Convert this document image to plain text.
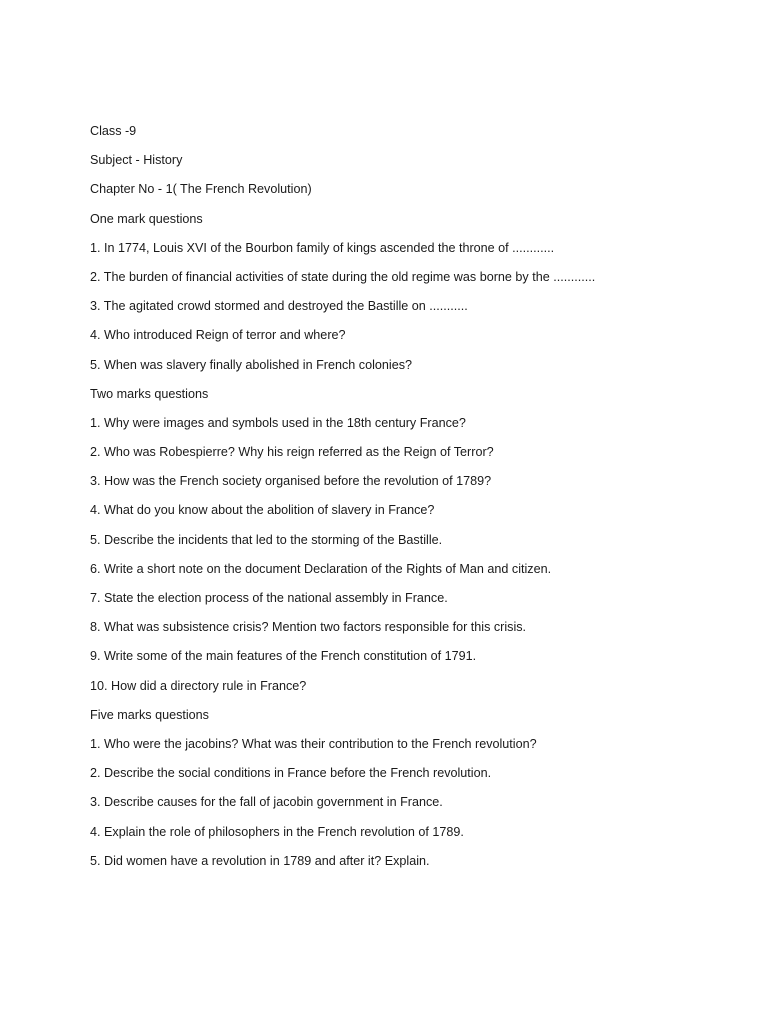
Class -9
Subject - History
Chapter No - 1( The French Revolution)
One mark questions
1. In 1774, Louis XVI of the Bourbon family of kings ascended the throne of ............
2. The burden of financial activities of state during the old regime was borne by the ............
3. The agitated crowd stormed and destroyed the Bastille on ...........
4. Who introduced Reign of terror and where?
5. When was slavery finally abolished in French colonies?
Two marks questions
1. Why were images and symbols used in the 18th century France?
2. Who was Robespierre? Why his reign referred as the Reign of Terror?
3. How was the French society organised before the revolution of 1789?
4. What do you know about the abolition of slavery in France?
5. Describe the incidents that led to the storming of the Bastille.
6. Write a short note on the document Declaration of the Rights of Man and citizen.
7. State the election process of the national assembly in France.
8. What was subsistence crisis? Mention two factors responsible for this crisis.
9. Write some of the main features of the French constitution of 1791.
10. How did a directory rule in France?
Five marks questions
1. Who were the jacobins? What was their contribution to the French revolution?
2. Describe the social conditions in France before the French revolution.
3. Describe causes for the fall of jacobin government in France.
4. Explain the role of philosophers in the French revolution of 1789.
5. Did women have a revolution in 1789 and after it? Explain.
